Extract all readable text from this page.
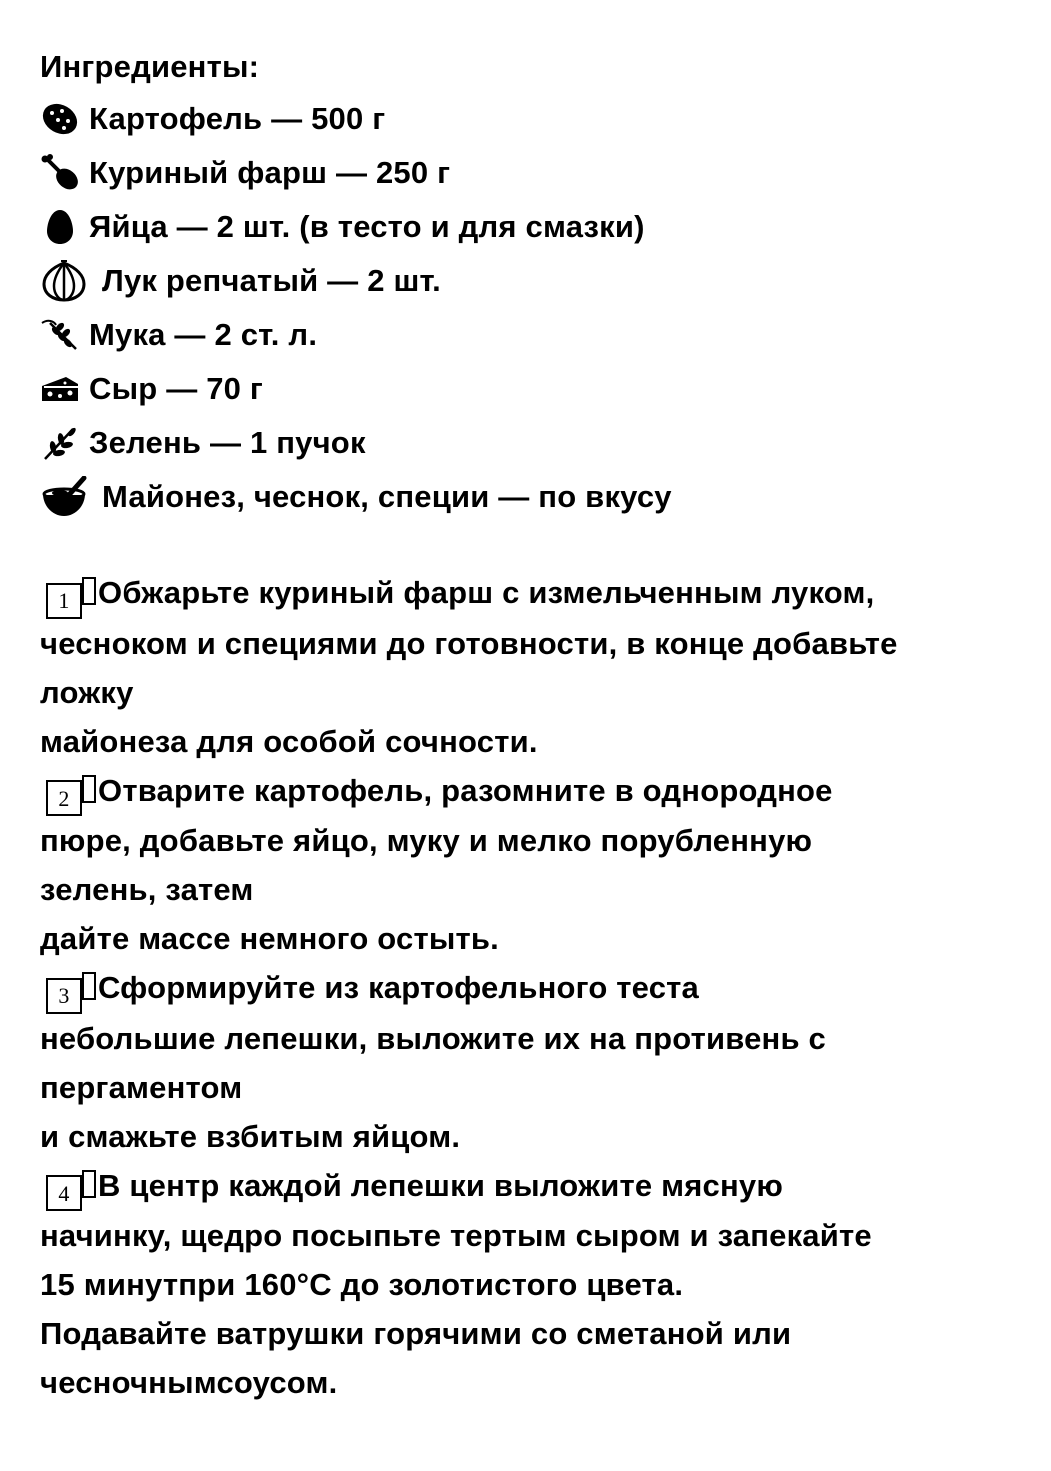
Ингредиенты:
Картофель — 500 г
Куриный фарш — 250 г
Яйца — 2 шт. (в тесто и для смазки)
Лук репчатый — 2 шт.
Мука — 2 ст. л.
Сыр — 70 г
Зелень — 1 пучок
Майонез, чеснок, специи — по вкусу
1 Обжарьте куриный фарш с измельченным луком,
чесноком и специями до готовности, в конце добавьте
ложку
майонеза для особой сочности.
2 Отварите картофель, разомните в однородное
пюре, добавьте яйцо, муку и мелко порубленную
зелень, затем
дайте массе немного остыть.
3 Сформируйте из картофельного теста
небольшие лепешки, выложите их на противень с
пергаментом
и смажьте взбитым яйцом.
4 В центр каждой лепешки выложите мясную
начинку, щедро посыпьте тертым сыром и запекайте
15 минутпри 160°C до золотистого цвета.
Подавайте ватрушки горячими со сметаной или
чесночнымсоусом.
